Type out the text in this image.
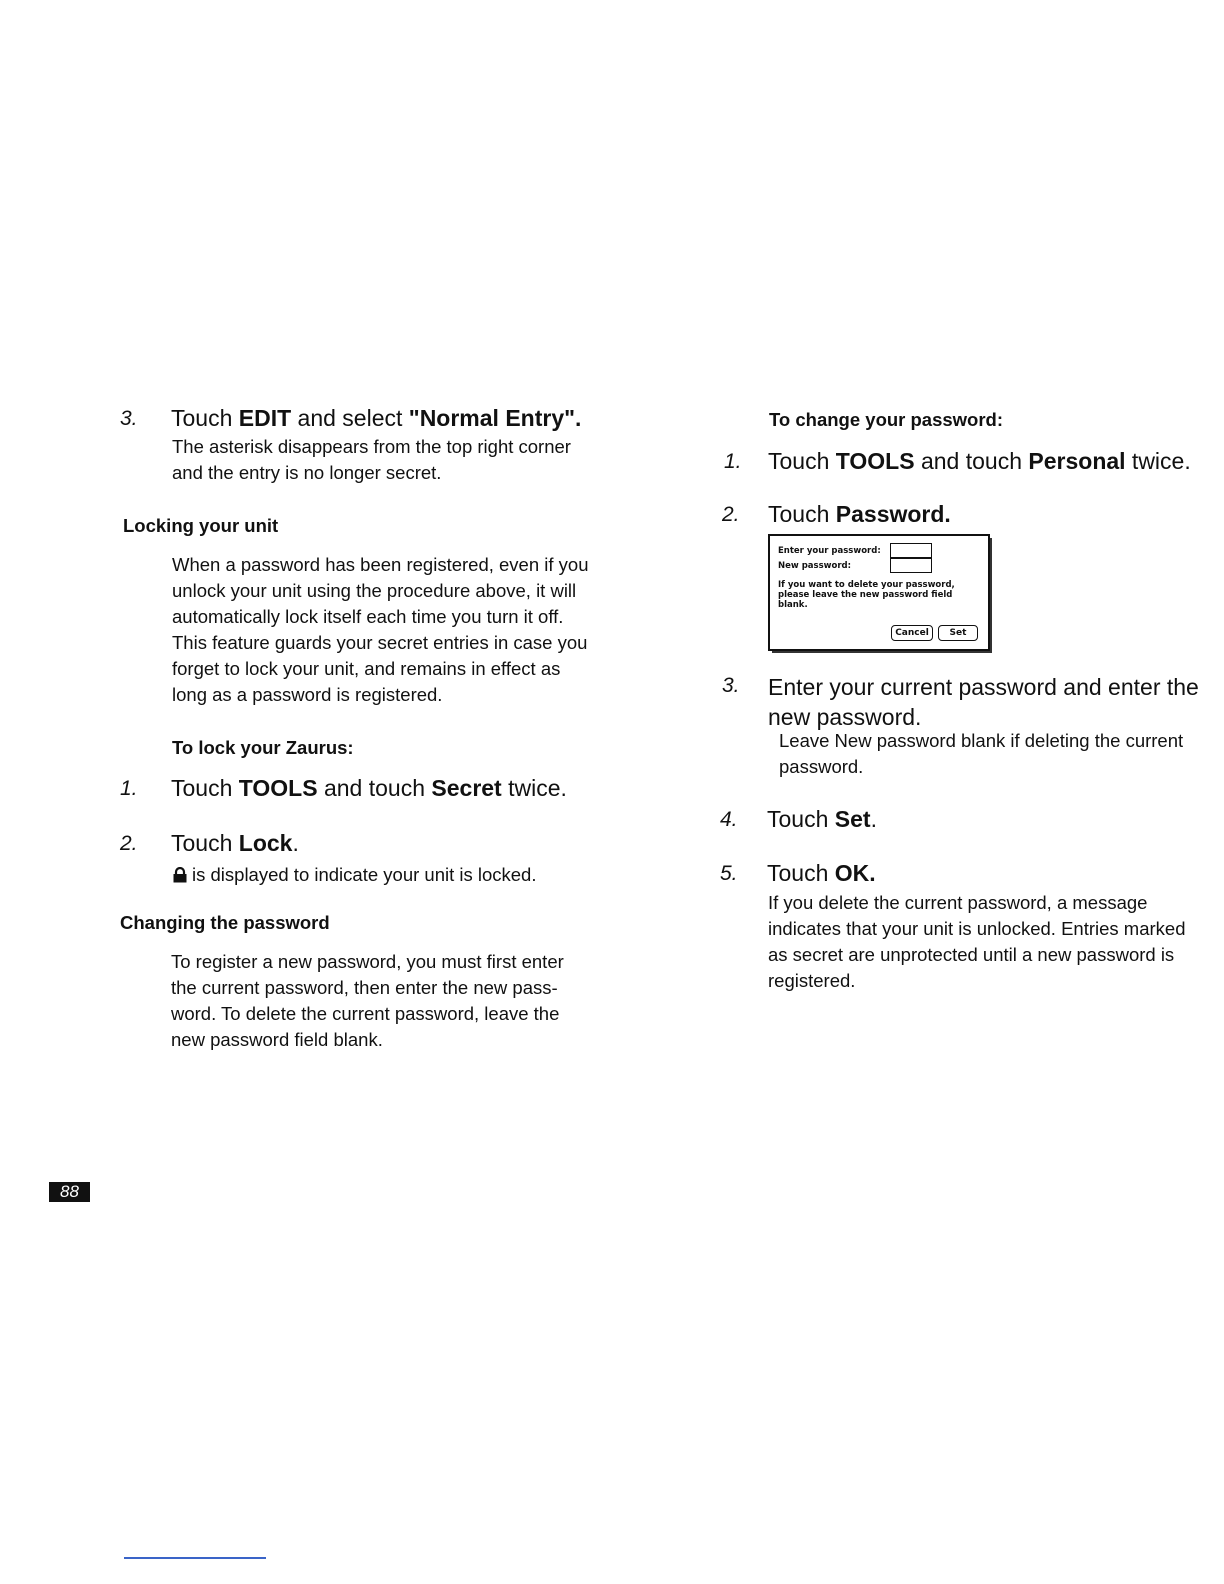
3. Touch EDIT and select "Normal Entry".
The asterisk disappears from the top right corner
and the entry is no longer secret.
Locking your unit
When a password has been registered, even if you
unlock your unit using the procedure above, it will
automatically lock itself each time you turn it off.
This feature guards your secret entries in case you
forget to lock your unit, and remains in effect as
long as a password is registered.
To lock your Zaurus:
1. Touch TOOLS and touch Secret twice.
2. Touch Lock.
is displayed to indicate your unit is locked.
Changing the password
To register a new password, you must first enter
the current password, then enter the new pass-
word. To delete the current password, leave the
new password field blank.
To change your password:
1. Touch TOOLS and touch Personal twice.
2. Touch Password.
Enter your password:
New password:
If you want to delete your password,
please leave the new password field
blank.
Cancel	Set
3. Enter your current password and enter the
new password.
Leave New password blank if deleting the current
password.
4. Touch Set.
5. Touch OK.
If you delete the current password, a message
indicates that your unit is unlocked. Entries marked
as secret are unprotected until a new password is
registered.
88
